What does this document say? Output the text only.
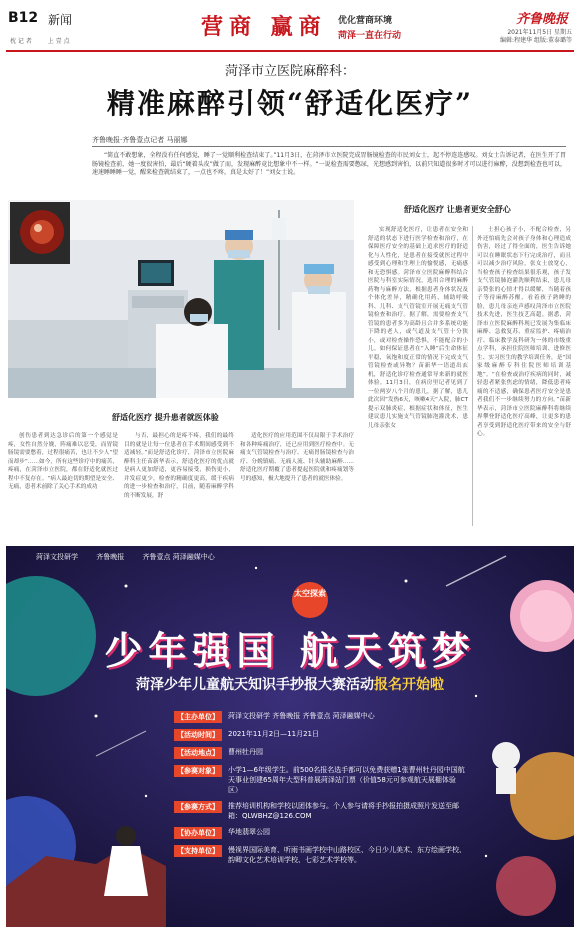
B12 新闻
枕 记 者	上 壹 点
营商 赢商 优化营商环境
菏泽一直在行动
齐鲁晚报
2021年11月5日 星期五
编辑:程建华 组版:董泰璐等
菏泽市立医院麻醉科：
精准麻醉引领“舒适化医疗”
齐鲁晚报·齐鲁壹点记者 马丽娜
“简直不敢想象，全程没有任何感觉，睡了一觉顺利检查结束了。”11月3日，在菏泽市立医院完成胃肠镜检查的市民刘女士，起不停连连感叹。刘女士告诉记者，在医生开了胃肠镜检查前，她一度很害怕，最后“硬着头皮”做了而，发现麻醉竟比想象中不一样。“一说检查需要憋尿，光想感到害怕，以前只知道很多时才可以进行麻醉，没想到检查也可以，速速睡睡睡一觉，醒来检查就结束了，一点也不疼，真是太好了！”刘女士说。
舒适化医疗 让患者更安全舒心

实现舒适化医疗，让患者在安全和舒适的状态下进行医学检查和治疗，在保障医疗安全的基础上追求医疗的舒适化与人性化，是患者在接受就医过程中感受到心理和生理上的愉悦感，无痛感和无恐惧感。菏泽市立医院麻醉科结合医院与科室实际情况，选用合理的麻醉药物与麻醉方法，根据患者身体状况及个体化差异，精确化用药，辅助呼吸科、儿科、支气管镜室开展无痛支气管镜检查和治疗。据了解，需要检查支气管镜的患者多为高龄且合并多系统功能下降的老人，或气道及支气管十分狭小，或对检查操作恐惧，不能配合的小儿。如何保证患者在“入睡”后生命体征平稳，氧饱和度正常的情况下完成支气管镜检查或异物？苗新华一语道出玄机，舒适化诊疗检查通常导来新的就医体验。11月3日，在病房里记者见到了一位两岁八个月的患儿，据了解，患儿此次因”发热6天，咳嗽4天“入院，肺CT提示双肺炎症，根据症状和体征，医生建议患儿实施支气管镜肺泡灌洗术，患儿母亲张女

士担心孩子小，不配合检查，另外还怕痛先会对孩子身体和心理造成伤害，经过了得全面的，医生告诉她可以在睡眠状态下行完成治疗，而且可以减少治疗风险，张女士放宽心，当检查孩子检查结果很乐观，孩子发支气管镜肺泡灌洗顺利结束，患儿母亲赞张的心情才得以缓解，当随着孩子等待麻醉苏醒，看着孩子熟睡的脸，患儿母亲连声感叹菏泽市立医院技术先进，医生技艺高超。据悉，菏泽市立医院麻醉科现已发展为集临床麻醉、急救复苏、重症监护、疼痛治疗、临床教学及科研为一体的市级重点学科，承担住院医师培训、进修医生、实习医生的教学培训任务，是“国家级麻醉专科住院医师培训基地”。“在检查或治疗疾病的同时，减轻患者紧张焦虑的情绪，降低患者疼痛的不适感，确保患者医疗安全是患者我们不一步继续努力的方向。”苗新华表示，菏泽市立医院麻醉科将继续界攀登舒适化医疗高峰，让更多的患者享受到舒适化医疗带来的安全与舒心。

舒适化医疗 提升患者就医体验

创伤患者到达急诊后的第一个感觉是疼，女性自然分娩，阵痛难以忍受，而胃镜肠镜需要憋着，过程很痛苦，也让不少人“望而却步”……如今，所有这些诊疗中的痛苦，疼痛，在菏泽市立医院，都在舒适化就医过程中不复存在。“病人最迫切的期望是安全、无痛，患者术前除了关心手术的成功

与否，最担心的是疼不疼，我们的最终目的就是让每一位患者在手术期间感受到不适减轻。”而是舒适化诊疗，菏泽市立医院麻醉科主任苗新华表示，舒适化医疗的优点就是病人更加舒适，更容易接受，损伤更小，并发症更少，检查的精确度更高，缓于疾病的进一步检查和治疗，目前，随着麻醉学科的不断发展，舒

适化医疗的应用范围不仅局限于手术治疗和各种疼痛治疗，还已应用到医疗检查中。无痛支气管镜检查与治疗、无痛胃肠镜检查与治疗、分娩镇痛、无痛人流、针头辅助麻醉……舒适化医疗期覆了患者提起医院就和疼痛划等号的感知，极大地提升了患者的就医体验。

菏泽文投研学	齐鲁晚报	齐鲁壹点 菏泽融媒中心
太空探索
少年强国 航天筑梦
菏泽少年儿童航天知识手抄报大赛活动报名开始啦
【主办单位】	菏泽文投研学 齐鲁晚报 齐鲁壹点 菏泽融媒中心
【活动时间】	2021年11月2日—11月21日
【活动地点】	曹州牡丹园
【参赛对象】	小学1—6年级学生。前500名报名选手都可以免费获赠1张曹州牡丹园中国航天事业创建65周年大型科普展菏泽站门票（价值58元可参观航天展棚体验区）
【参赛方式】	推荐培训机构和学校以团体参与。个人参与请将手抄报拍摄成照片发送至邮箱：QLWBHZ@126.COM
【协办单位】	华地翡翠公园
【支持单位】	慢视界国际美育、听雨书画学校中山路校区、今日少儿美术、东方绘画学校、韵卿文化艺术培训学校、七彩艺术学校等。
